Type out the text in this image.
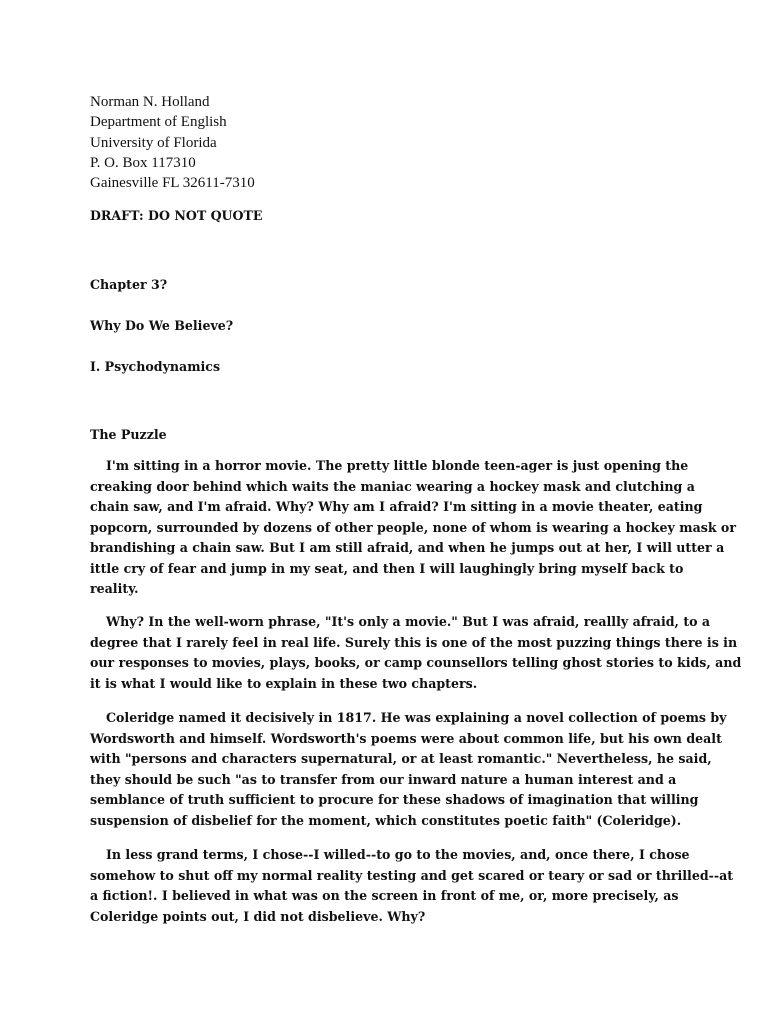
Norman N. Holland

Department of English

University of Florida

P. O. Box 117310

Gainesville FL 32611-7310

DRAFT: DO NOT QUOTE

Chapter 3?

Why Do We Believe?

I. Psychodynamics

The Puzzle

I'm sitting in a horror movie. The pretty little blonde teen-ager is just opening the
creaking door behind which waits the maniac wearing a hockey mask and clutching a
chain saw, and I'm afraid. Why? Why am I afraid? I'm sitting in a movie theater, eating
popcorn, surrounded by dozens of other people, none of whom is wearing a hockey mask or
brandishing a chain saw. But I am still afraid, and when he jumps out at her, I will utter a
ittle cry of fear and jump in my seat, and then I will laughingly bring myself back to
reality.
Why? In the well-worn phrase, "It's only a movie." But I was afraid, reallly afraid, to a
degree that I rarely feel in real life. Surely this is one of the most puzzing things there is in
our responses to movies, plays, books, or camp counsellors telling ghost stories to kids, and
it is what I would like to explain in these two chapters.
Coleridge named it decisively in 1817. He was explaining a novel collection of poems by
Wordsworth and himself. Wordsworth's poems were about common life, but his own dealt
with "persons and characters supernatural, or at least romantic." Nevertheless, he said,
they should be such "as to transfer from our inward nature a human interest and a
semblance of truth sufficient to procure for these shadows of imagination that willing
suspension of disbelief for the moment, which constitutes poetic faith" (Coleridge).
In less grand terms, I chose--I willed--to go to the movies, and, once there, I chose
somehow to shut off my normal reality testing and get scared or teary or sad or thrilled--at
a fiction!. I believed in what was on the screen in front of me, or, more precisely, as
Coleridge points out, I did not disbelieve. Why?
